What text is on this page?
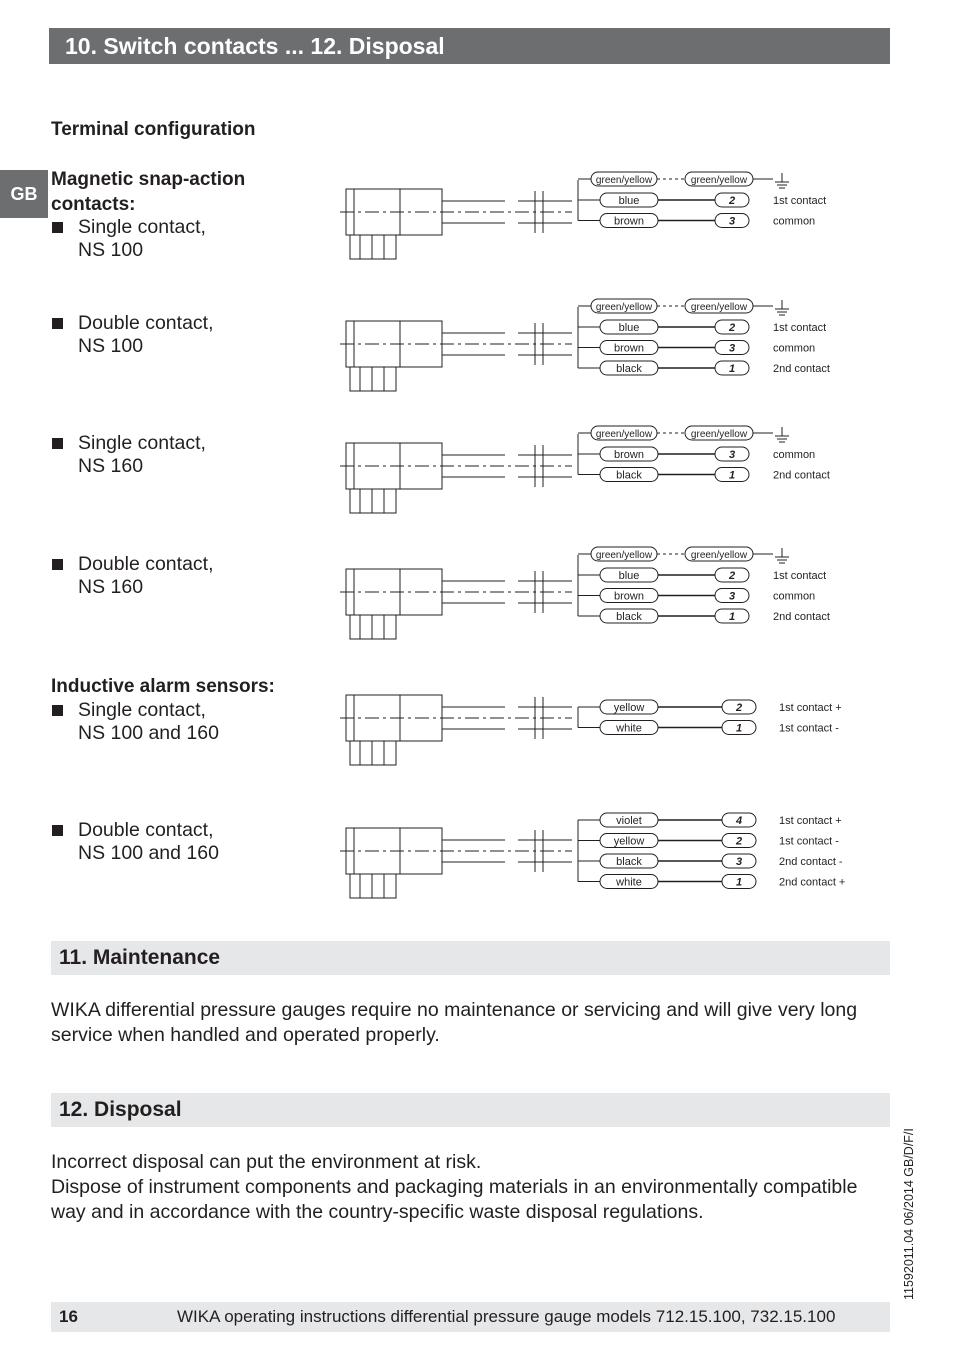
10. Switch contacts ... 12. Disposal
GB
Terminal configuration
Magnetic snap-action
contacts:
Inductive alarm sensors:
Single contact,
NS 100
Double contact,
NS 100
Single contact,
NS 160
Double contact,
NS 160
Single contact,
NS 100 and 160
Double contact,
NS 100 and 160
green/yellow	green/yellow
blue	2	1st contact
brown	3	common
green/yellow	green/yellow
blue	2	1st contact
brown	3	common
black	1	2nd contact
green/yellow	green/yellow
brown	3	common
black	1	2nd contact
green/yellow	green/yellow
blue	2	1st contact
brown	3	common
black	1	2nd contact
yellow	2	1st contact +
white	1	1st contact -
violet	4	1st contact +
yellow	2	1st contact -
black	3	2nd contact -
white	1	2nd contact +
11. Maintenance
WIKA differential pressure gauges require no maintenance or servicing and will give very long
service when handled and operated properly.
12. Disposal
Incorrect disposal can put the environment at risk.
Dispose of instrument components and packaging materials in an environmentally compatible
way and in accordance with the country-specific waste disposal regulations.
16	WIKA operating instructions differential pressure gauge models 712.15.100, 732.15.100
11592011.04 06/2014 GB/D/F/I
